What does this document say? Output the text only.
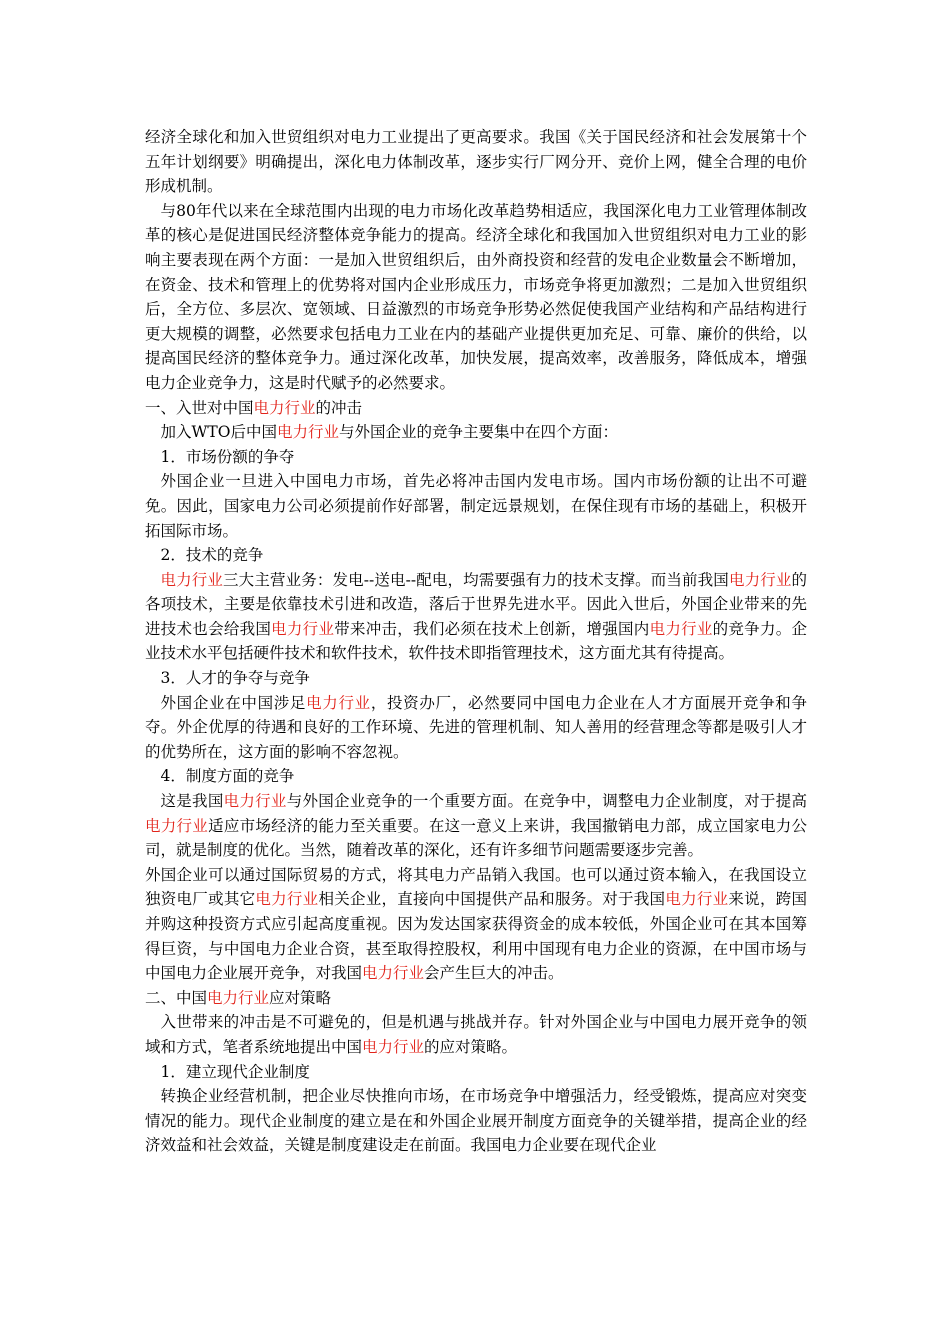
经济全球化和加入世贸组织对电力工业提出了更高要求。我国《关于国民经济和社会发展第十个五年计划纲要》明确提出，深化电力体制改革，逐步实行厂网分开、竞价上网，健全合理的电价形成机制。

与80年代以来在全球范围内出现的电力市场化改革趋势相适应，我国深化电力工业管理体制改革的核心是促进国民经济整体竞争能力的提高。经济全球化和我国加入世贸组织对电力工业的影响主要表现在两个方面：一是加入世贸组织后，由外商投资和经营的发电企业数量会不断增加，在资金、技术和管理上的优势将对国内企业形成压力，市场竞争将更加激烈；二是加入世贸组织后，全方位、多层次、宽领域、日益激烈的市场竞争形势必然促使我国产业结构和产品结构进行更大规模的调整，必然要求包括电力工业在内的基础产业提供更加充足、可靠、廉价的供给，以提高国民经济的整体竞争力。通过深化改革，加快发展，提高效率，改善服务，降低成本，增强电力企业竞争力，这是时代赋予的必然要求。

一、入世对中国电力行业的冲击

加入WTO后中国电力行业与外国企业的竞争主要集中在四个方面：

1．市场份额的争夺

外国企业一旦进入中国电力市场，首先必将冲击国内发电市场。国内市场份额的让出不可避免。因此，国家电力公司必须提前作好部署，制定远景规划，在保住现有市场的基础上，积极开拓国际市场。

2．技术的竞争

电力行业三大主营业务：发电--送电--配电，均需要强有力的技术支撑。而当前我国电力行业的各项技术，主要是依靠技术引进和改造，落后于世界先进水平。因此入世后，外国企业带来的先进技术也会给我国电力行业带来冲击，我们必须在技术上创新，增强国内电力行业的竞争力。企业技术水平包括硬件技术和软件技术，软件技术即指管理技术，这方面尤其有待提高。

3．人才的争夺与竞争

外国企业在中国涉足电力行业，投资办厂，必然要同中国电力企业在人才方面展开竞争和争夺。外企优厚的待遇和良好的工作环境、先进的管理机制、知人善用的经营理念等都是吸引人才的优势所在，这方面的影响不容忽视。

4．制度方面的竞争

这是我国电力行业与外国企业竞争的一个重要方面。在竞争中，调整电力企业制度，对于提高电力行业适应市场经济的能力至关重要。在这一意义上来讲，我国撤销电力部，成立国家电力公司，就是制度的优化。当然，随着改革的深化，还有许多细节问题需要逐步完善。

外国企业可以通过国际贸易的方式，将其电力产品销入我国。也可以通过资本输入，在我国设立独资电厂或其它电力行业相关企业，直接向中国提供产品和服务。对于我国电力行业来说，跨国并购这种投资方式应引起高度重视。因为发达国家获得资金的成本较低，外国企业可在其本国筹得巨资，与中国电力企业合资，甚至取得控股权，利用中国现有电力企业的资源，在中国市场与中国电力企业展开竞争，对我国电力行业会产生巨大的冲击。

二、中国电力行业应对策略

入世带来的冲击是不可避免的，但是机遇与挑战并存。针对外国企业与中国电力展开竞争的领域和方式，笔者系统地提出中国电力行业的应对策略。

1．建立现代企业制度

转换企业经营机制，把企业尽快推向市场，在市场竞争中增强活力，经受锻炼，提高应对突变情况的能力。现代企业制度的建立是在和外国企业展开制度方面竞争的关键举措，提高企业的经济效益和社会效益，关键是制度建设走在前面。我国电力企业要在现代企业
